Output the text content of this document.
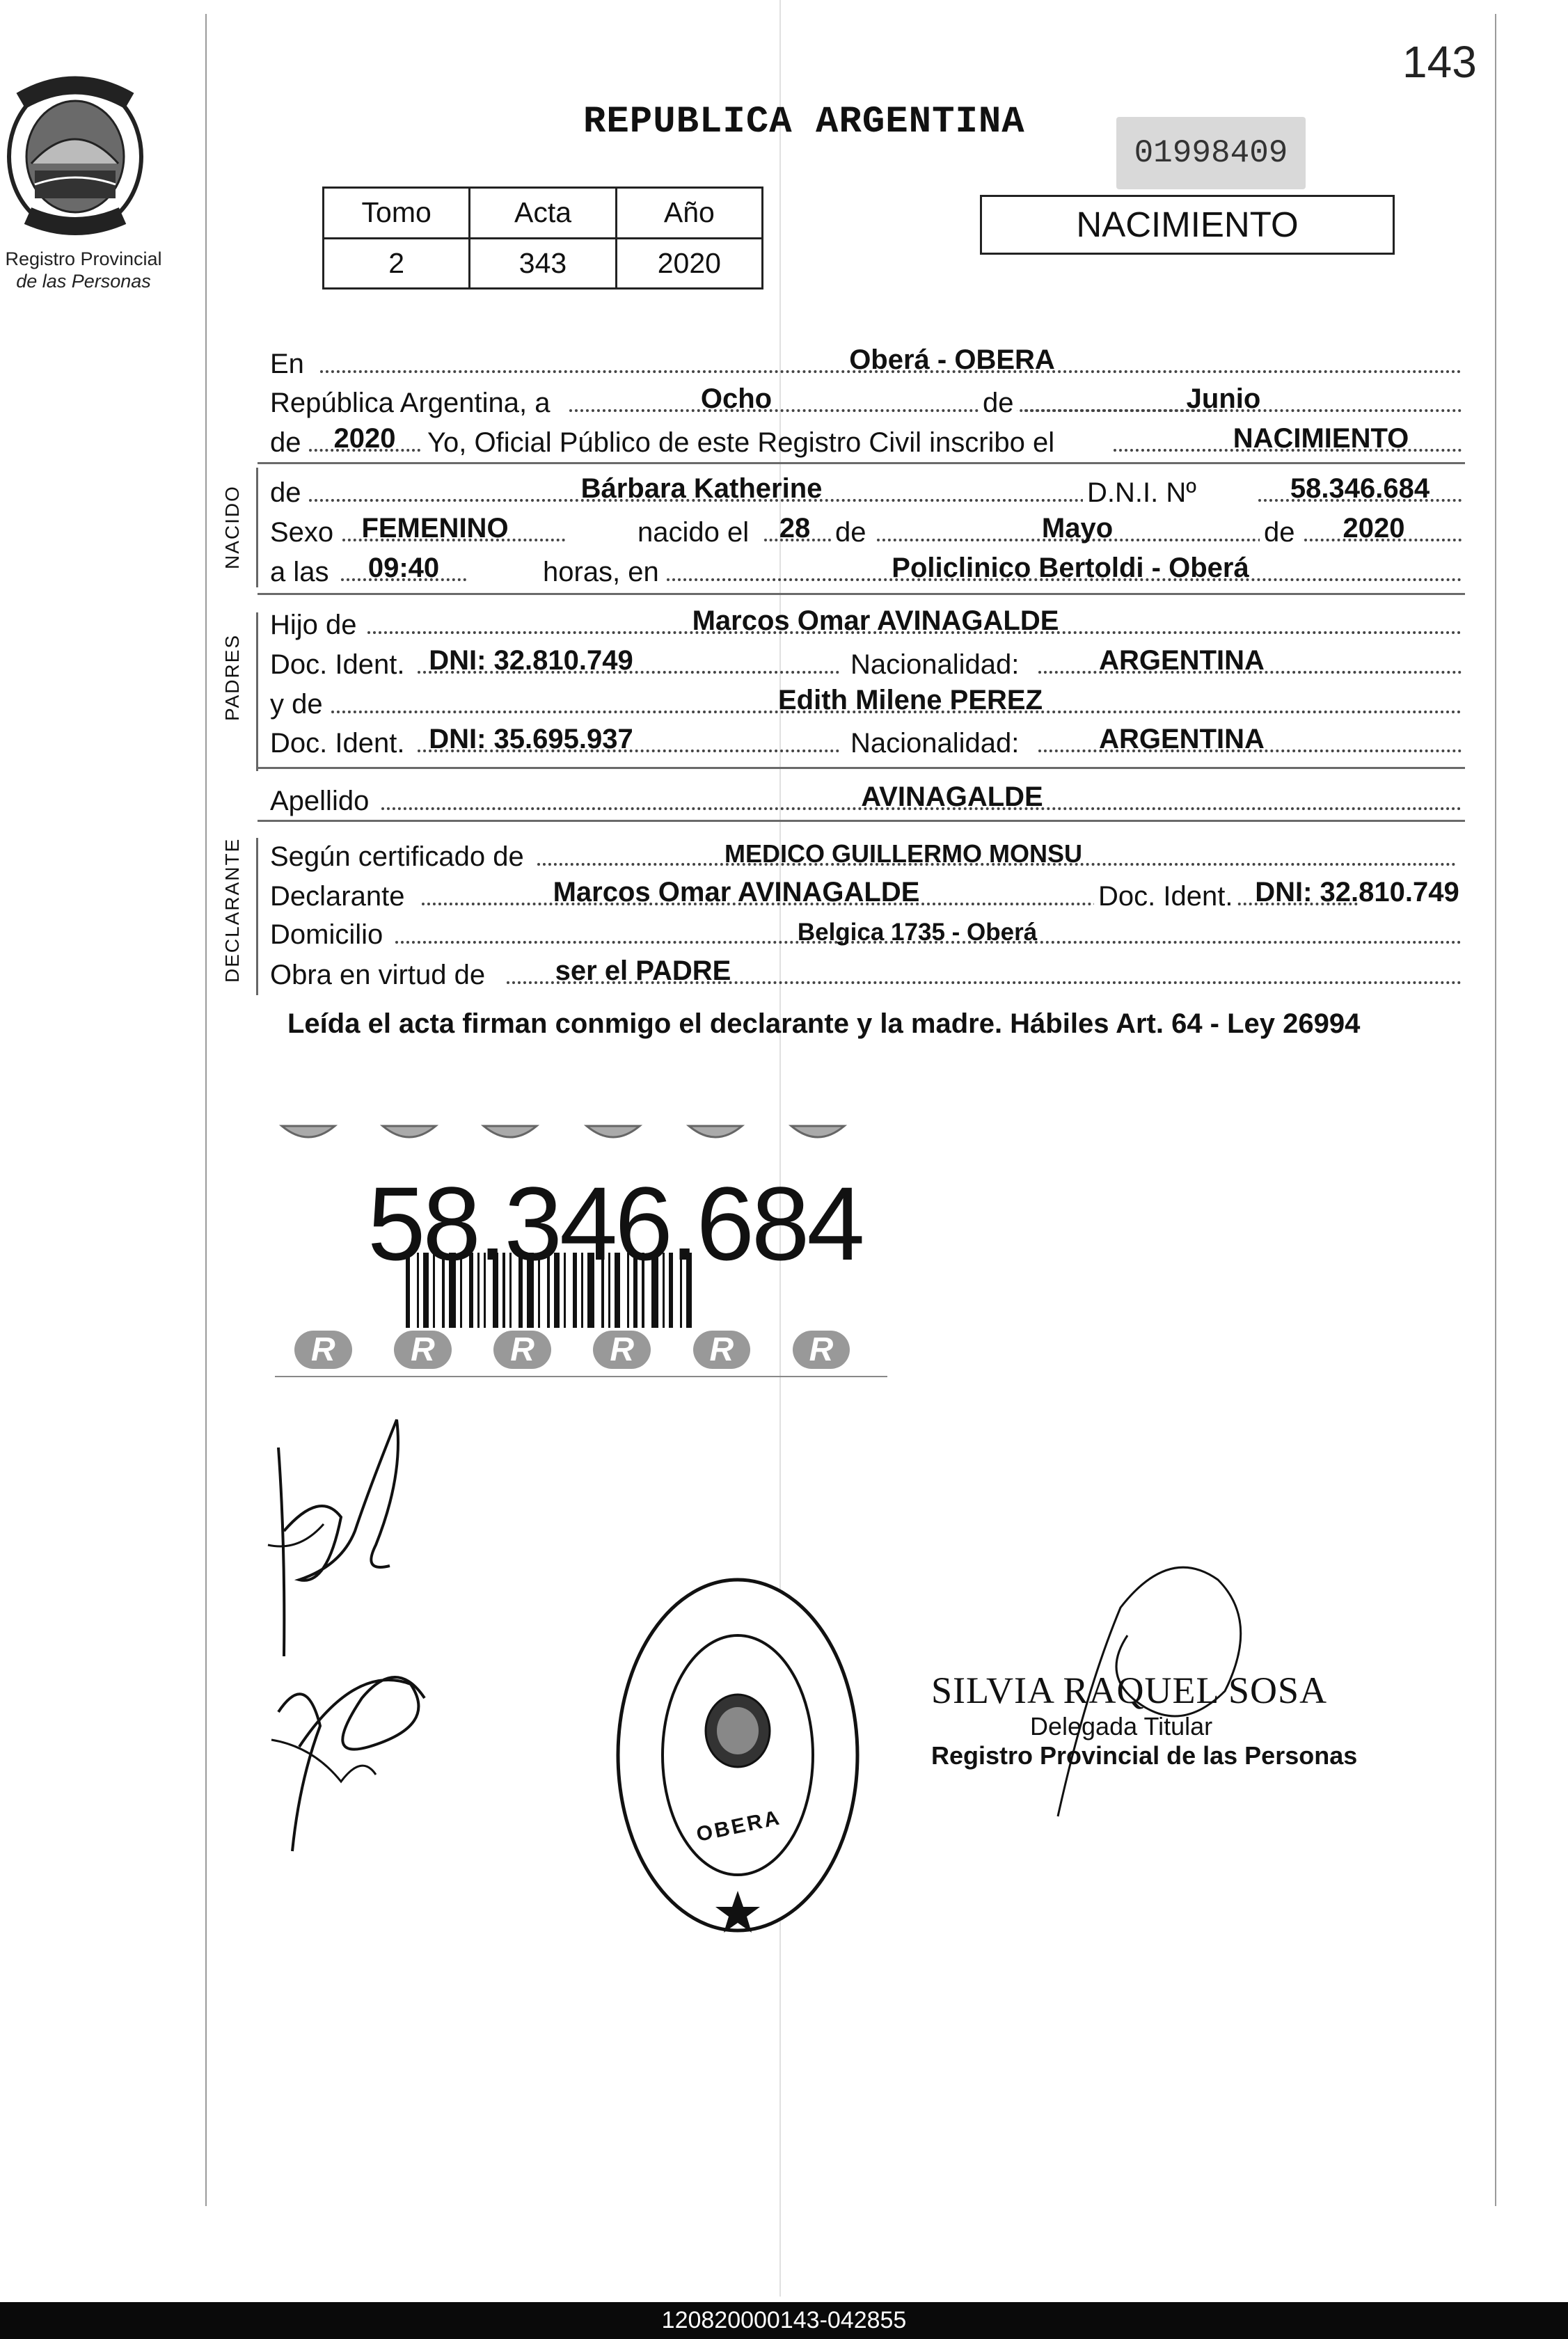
Registro Provincial
de las Personas
143
REPUBLICA ARGENTINA
01998409
Tomo	Acta	Año
2	343	2020
NACIMIENTO
En	Oberá - OBERA
República Argentina, a	Ocho	de	Junio
de	2020	Yo, Oficial Público de este Registro Civil inscribo el	NACIMIENTO
NACIDO de	Bárbara Katherine	D.N.I. Nº	58.346.684
Sexo	FEMENINO	nacido el	28 de	Mayo	de	2020
a las	09:40	horas, en	Policlinico Bertoldi - Oberá
PADRES
Hijo de	Marcos Omar AVINAGALDE
Doc. Ident. DNI: 32.810.749	Nacionalidad:	ARGENTINA
y de	Edith Milene PEREZ
Doc. Ident. DNI: 35.695.937	Nacionalidad:	ARGENTINA
Apellido	AVINAGALDE
DECLARANTE Según certificado de	MEDICO GUILLERMO MONSU
Declarante	Marcos Omar AVINAGALDE	Doc. Ident. DNI: 32.810.749
Domicilio	Belgica 1735 - Oberá
Obra en virtud de	ser el PADRE
Leída el acta firman conmigo el declarante y la madre. Hábiles Art. 64 - Ley 26994
58.346.684
R R R R R R
OBERA
SILVIA RAQUEL SOSA
Delegada Titular
Registro Provincial de las Personas
120820000143-042855
